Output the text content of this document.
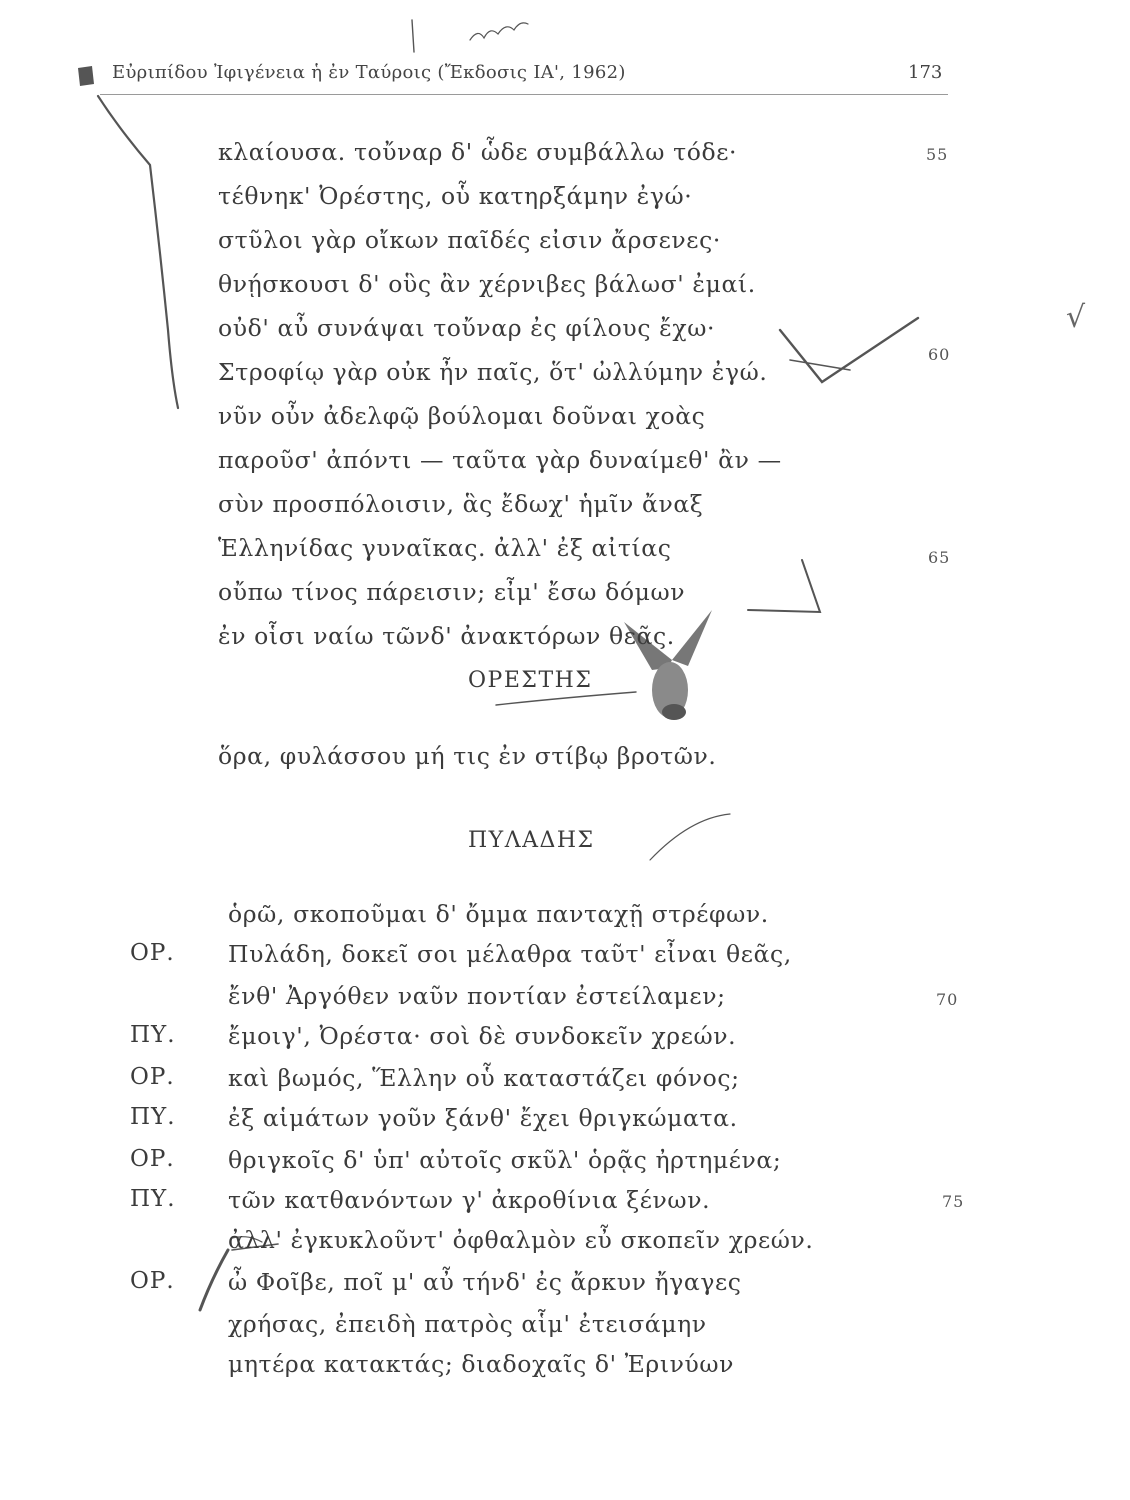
Εὐριπίδου Ἰφιγένεια ἡ ἐν Ταύροις (Ἔκδοσις ΙΑ', 1962)	173
κλαίουσα. τοὔναρ δ' ὧδε συμβάλλω τόδε·
τέθνηκ' Ὀρέστης, οὗ κατηρξάμην ἐγώ·
στῦλοι γὰρ οἴκων παῖδές εἰσιν ἄρσενες·
θνῄσκουσι δ' οὓς ἂν χέρνιβες βάλωσ' ἐμαί.
οὐδ' αὖ συνάψαι τοὔναρ ἐς φίλους ἔχω·
Στροφίῳ γὰρ οὐκ ἦν παῖς, ὅτ' ὠλλύμην ἐγώ.
νῦν οὖν ἀδελφῷ βούλομαι δοῦναι χοὰς
παροῦσ' ἀπόντι — ταῦτα γὰρ δυναίμεθ' ἂν —
σὺν προσπόλοισιν, ἃς ἔδωχ' ἡμῖν ἄναξ
Ἑλληνίδας γυναῖκας. ἀλλ' ἐξ αἰτίας
οὔπω τίνος πάρεισιν; εἶμ' ἔσω δόμων
ἐν οἷσι ναίω τῶνδ' ἀνακτόρων θεᾶς.
55
60
65
ΟΡΕΣΤΗΣ
ὅρα, φυλάσσου μή τις ἐν στίβῳ βροτῶν.
ΠΥΛΑΔΗΣ
ὁρῶ, σκοποῦμαι δ' ὄμμα πανταχῇ στρέφων.
ΟΡ. Πυλάδη, δοκεῖ σοι μέλαθρα ταῦτ' εἶναι θεᾶς,
ἔνθ' Ἀργόθεν ναῦν ποντίαν ἐστείλαμεν;	70
ΠΥ. ἔμοιγ', Ὀρέστα· σοὶ δὲ συνδοκεῖν χρεών.
ΟΡ. καὶ βωμός, Ἕλλην οὗ καταστάζει φόνος;
ΠΥ. ἐξ αἱμάτων γοῦν ξάνθ' ἔχει θριγκώματα.
ΟΡ. θριγκοῖς δ' ὑπ' αὐτοῖς σκῦλ' ὁρᾷς ἠρτημένα;
ΠΥ. τῶν κατθανόντων γ' ἀκροθίνια ξένων.	75
ἀλλ' ἐγκυκλοῦντ' ὀφθαλμὸν εὖ σκοπεῖν χρεών.
ΟΡ. ὦ Φοῖβε, ποῖ μ' αὖ τήνδ' ἐς ἄρκυν ἤγαγες
χρήσας, ἐπειδὴ πατρὸς αἷμ' ἐτεισάμην
μητέρα κατακτάς; διαδοχαῖς δ' Ἐρινύων
√
